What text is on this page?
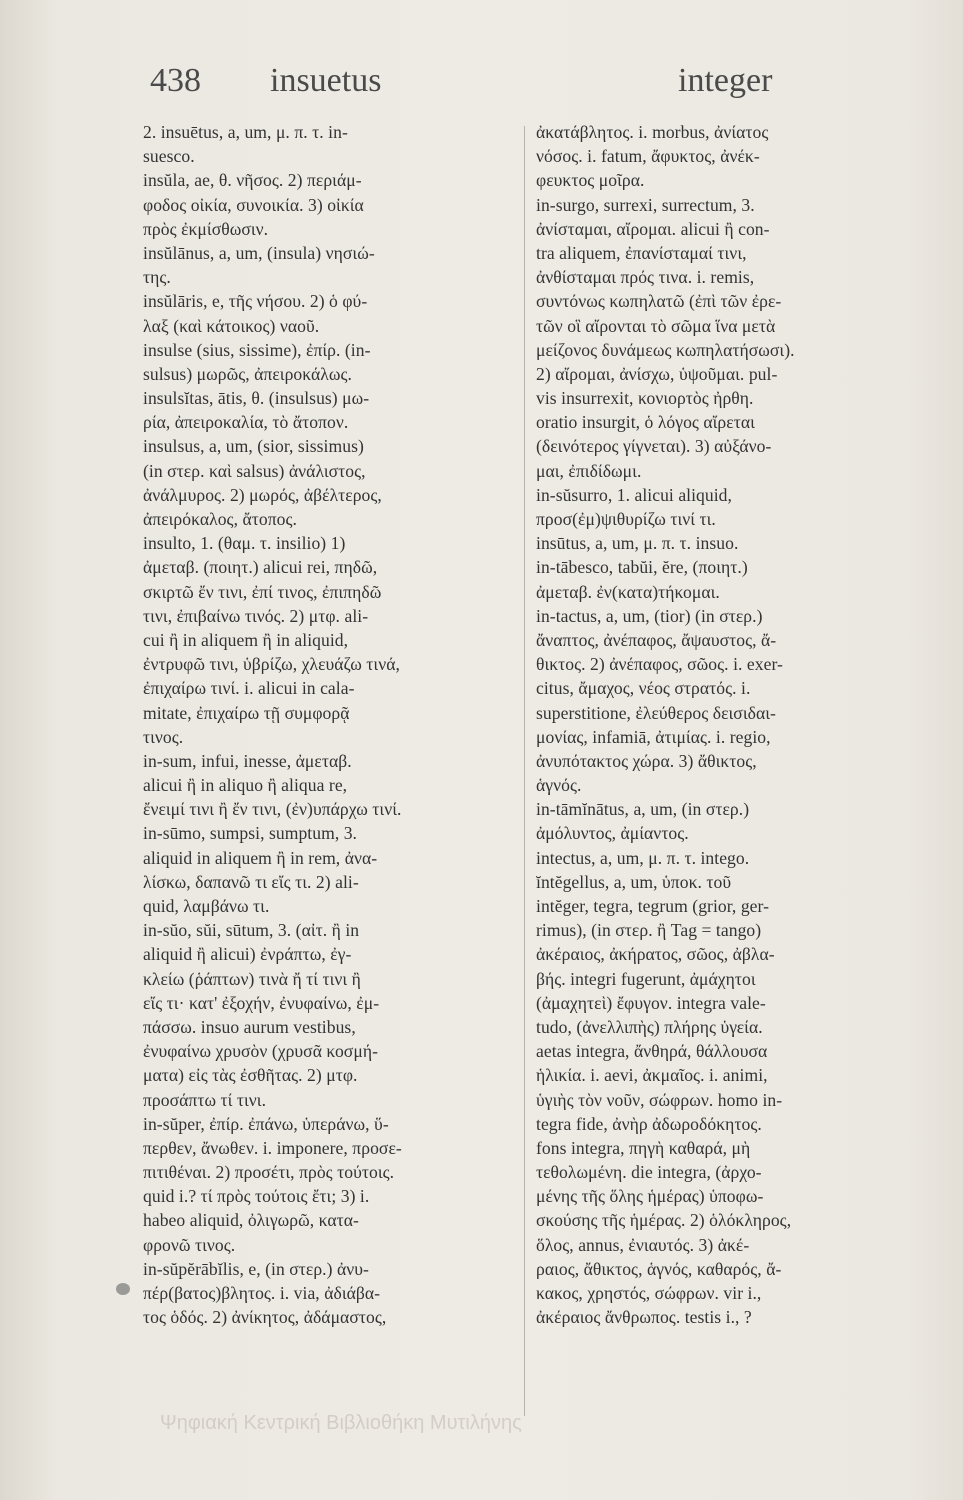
438 insuetus	integer
2. insuētus, a, um, μ. π. τ. in-
suesco.
insŭla, ae, θ. νῆσος. 2) περιάμ-
φοδος οἰκία, συνοικία. 3) οἰκία
πρὸς ἐκμίσθωσιν.
insŭlānus, a, um, (insula) νησιώ-
της.
insŭlāris, e, τῆς νήσου. 2) ὁ φύ-
λαξ (καὶ κάτοικος) ναοῦ.
insulse (sius, sissime), ἐπίρ. (in-
sulsus) μωρῶς, ἀπειροκάλως.
insulsĭtas, ātis, θ. (insulsus) μω-
ρία, ἀπειροκαλία, τὸ ἄτοπον.
insulsus, a, um, (sior, sissimus)
(in στερ. καὶ salsus) ἀνάλιστος,
ἀνάλμυρος. 2) μωρός, ἀβέλτερος,
ἀπειρόκαλος, ἄτοπος.
insulto, 1. (θαμ. τ. insilio) 1)
ἀμεταβ. (ποιητ.) alicui rei, πηδῶ,
σκιρτῶ ἔν τινι, ἐπί τινος, ἐπιπηδῶ
τινι, ἐπιβαίνω τινός. 2) μτφ. ali-
cui ἢ in aliquem ἢ in aliquid,
ἐντρυφῶ τινι, ὑβρίζω, χλευάζω τινά,
ἐπιχαίρω τινί. i. alicui in cala-
mitate, ἐπιχαίρω τῇ συμφορᾷ
τινος.
in-sum, infui, inesse, ἀμεταβ.
alicui ἢ in aliquo ἢ aliqua re,
ἔνειμί τινι ἢ ἔν τινι, (ἐν)υπάρχω τινί.
in-sūmo, sumpsi, sumptum, 3.
aliquid in aliquem ἢ in rem, ἀνα-
λίσκω, δαπανῶ τι εἴς τι. 2) ali-
quid, λαμβάνω τι.
in-sŭo, sŭi, sūtum, 3. (αἰτ. ἢ in
aliquid ἢ alicui) ἐνράπτω, ἐγ-
κλείω (ῥάπτων) τινὰ ἤ τί τινι ἢ
εἴς τι· κατ' ἐξοχήν, ἐνυφαίνω, ἐμ-
πάσσω. insuo aurum vestibus,
ἐνυφαίνω χρυσὸν (χρυσᾶ κοσμή-
ματα) εἰς τὰς ἐσθῆτας. 2) μτφ.
προσάπτω τί τινι.
in-sŭper, ἐπίρ. ἐπάνω, ὑπεράνω, ὕ-
περθεν, ἄνωθεν. i. imponere, προσε-
πιτιθέναι. 2) προσέτι, πρὸς τούτοις.
quid i.? τί πρὸς τούτοις ἔτι; 3) i.
habeo aliquid, ὀλιγωρῶ, κατα-
φρονῶ τινος.
in-sŭpĕrābĭlis, e, (in στερ.) ἀνυ-
πέρ(βατος)βλητος. i. via, ἀδιάβα-
τος ὁδός. 2) ἀνίκητος, ἀδάμαστος,
ἀκατάβλητος. i. morbus, ἀνίατος
νόσος. i. fatum, ἄφυκτος, ἀνέκ-
φευκτος μοῖρα.
in-surgo, surrexi, surrectum, 3.
ἀνίσταμαι, αἴρομαι. alicui ἢ con-
tra aliquem, ἐπανίσταμαί τινι,
ἀνθίσταμαι πρός τινα. i. remis,
συντόνως κωπηλατῶ (ἐπὶ τῶν ἐρε-
τῶν οἳ αἴρονται τὸ σῶμα ἵνα μετὰ
μείζονος δυνάμεως κωπηλατήσωσι).
2) αἴρομαι, ἀνίσχω, ὑψοῦμαι. pul-
vis insurrexit, κονιορτὸς ἠρθη.
oratio insurgit, ὁ λόγος αἴρεται
(δεινότερος γίγνεται). 3) αὐξάνο-
μαι, ἐπιδίδωμι.
in-sŭsurro, 1. alicui aliquid,
προσ(ἐμ)ψιθυρίζω τινί τι.
insūtus, a, um, μ. π. τ. insuo.
in-tābesco, tabŭi, ĕre, (ποιητ.)
ἀμεταβ. ἐν(κατα)τήκομαι.
in-tactus, a, um, (tior) (in στερ.)
ἄναπτος, ἀνέπαφος, ἄψαυστος, ἄ-
θικτος. 2) ἀνέπαφος, σῶος. i. exer-
citus, ἄμαχος, νέος στρατός. i.
superstitione, ἐλεύθερος δεισιδαι-
μονίας, infamiā, ἀτιμίας. i. regio,
ἀνυπότακτος χώρα. 3) ἄθικτος,
ἁγνός.
in-tāmĭnātus, a, um, (in στερ.)
ἀμόλυντος, ἀμίαντος.
intectus, a, um, μ. π. τ. intego.
ĭntĕgellus, a, um, ὑποκ. τοῦ
intĕger, tegra, tegrum (grior, ger-
rimus), (in στερ. ἢ Tag = tango)
ἀκέραιος, ἀκήρατος, σῶος, ἀβλα-
βής. integri fugerunt, ἀμάχητοι
(ἀμαχητεὶ) ἔφυγον. integra vale-
tudo, (ἀνελλιπὴς) πλήρης ὑγεία.
aetas integra, ἄνθηρά, θάλλουσα
ἡλικία. i. aevi, ἀκμαῖος. i. animi,
ὑγιὴς τὸν νοῦν, σώφρων. homo in-
tegra fide, ἀνὴρ ἀδωροδόκητος.
fons integra, πηγὴ καθαρά, μὴ
τεθολωμένη. die integra, (ἀρχο-
μένης τῆς ὅλης ἡμέρας) ὑποφω-
σκούσης τῆς ἡμέρας. 2) ὁλόκληρος,
ὅλος, annus, ἐνιαυτός. 3) ἀκέ-
ραιος, ἄθικτος, ἁγνός, καθαρός, ἄ-
κακος, χρηστός, σώφρων. vir i.,
ἀκέραιος ἄνθρωπος. testis i., ?
Ψηφιακή Κεντρική Βιβλιοθήκη Μυτιλήνης
